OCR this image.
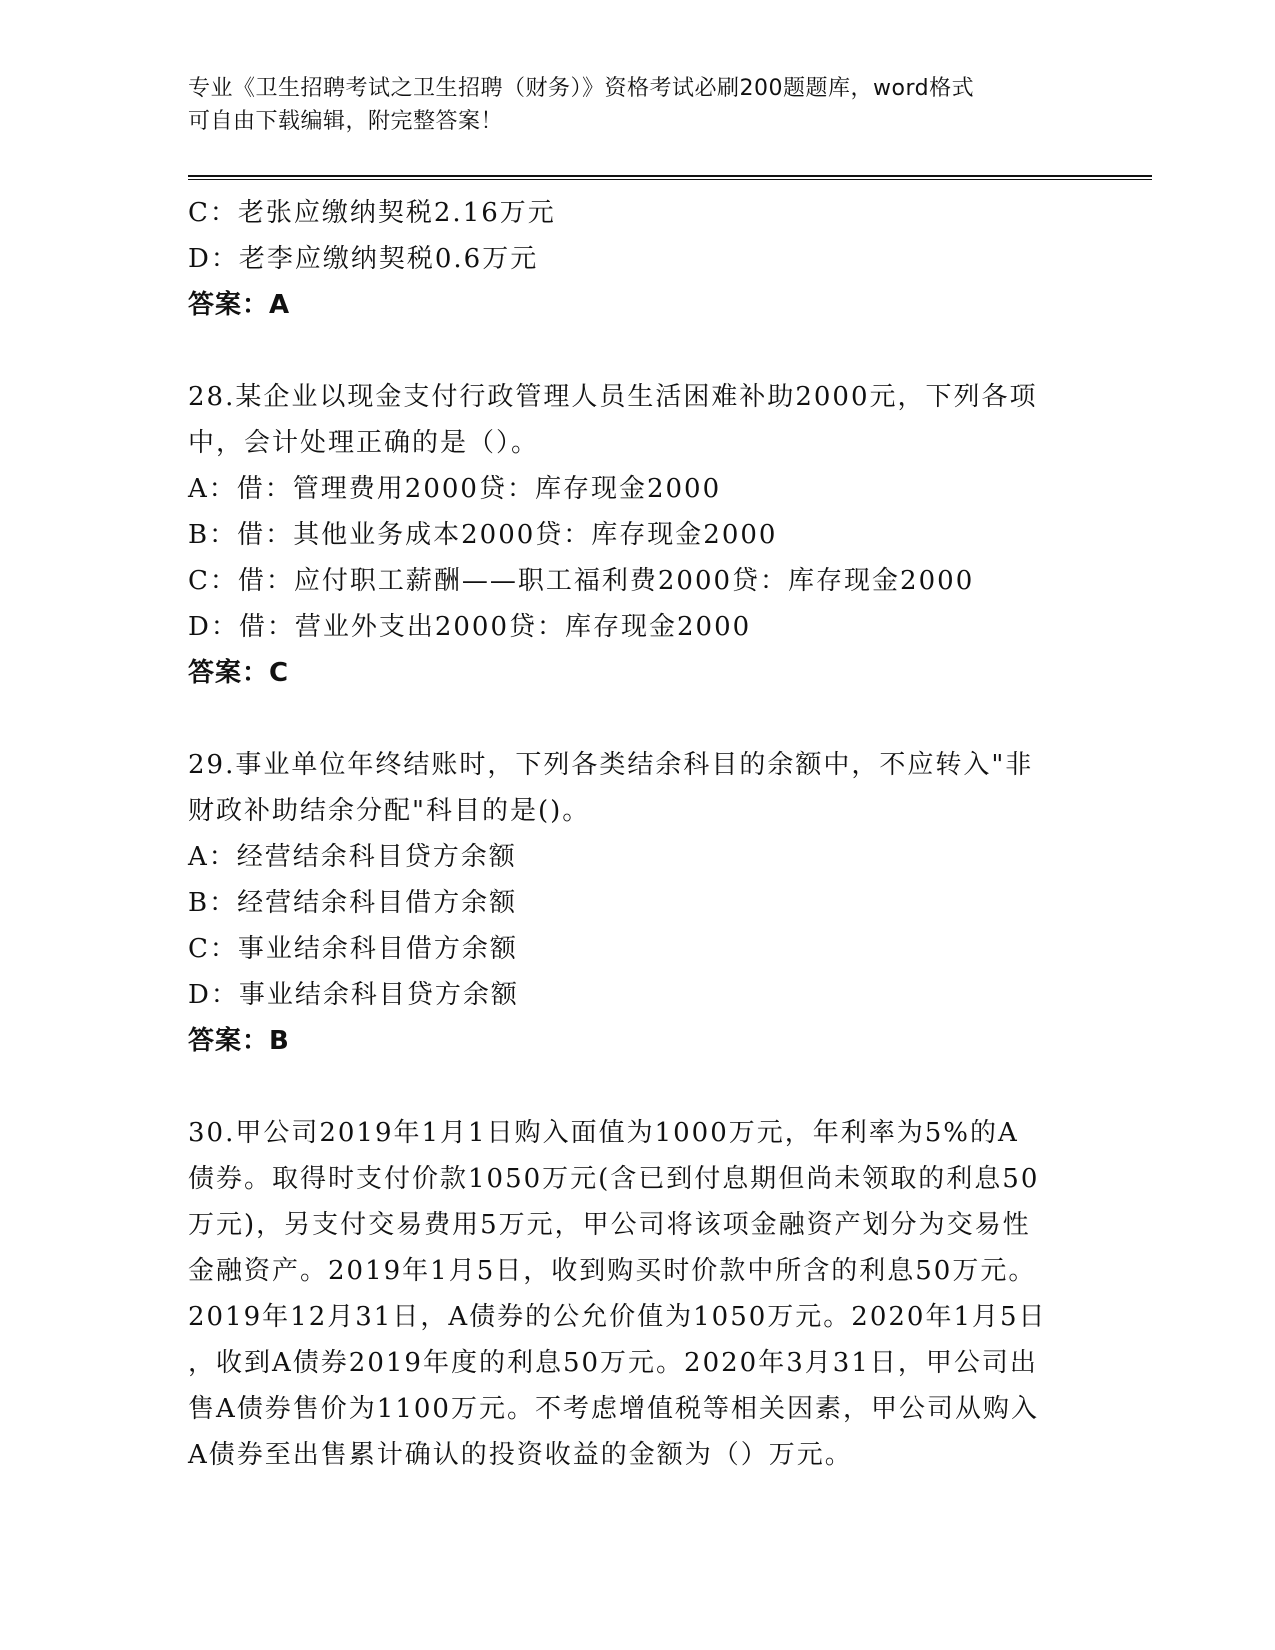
专业《卫生招聘考试之卫生招聘（财务）》资格考试必刷200题题库，word格式
可自由下载编辑，附完整答案！
C：老张应缴纳契税2.16万元
D：老李应缴纳契税0.6万元
答案：A
28.某企业以现金支付行政管理人员生活困难补助2000元，下列各项
中，会计处理正确的是（）。
A：借：管理费用2000贷：库存现金2000
B：借：其他业务成本2000贷：库存现金2000
C：借：应付职工薪酬——职工福利费2000贷：库存现金2000
D：借：营业外支出2000贷：库存现金2000
答案：C
29.事业单位年终结账时，下列各类结余科目的余额中，不应转入"非
财政补助结余分配"科目的是()。
A：经营结余科目贷方余额
B：经营结余科目借方余额
C：事业结余科目借方余额
D：事业结余科目贷方余额
答案：B
30.甲公司2019年1月1日购入面值为1000万元，年利率为5%的A
债券。取得时支付价款1050万元(含已到付息期但尚未领取的利息50
万元)，另支付交易费用5万元，甲公司将该项金融资产划分为交易性
金融资产。2019年1月5日，收到购买时价款中所含的利息50万元。
2019年12月31日，A债券的公允价值为1050万元。2020年1月5日
，收到A债券2019年度的利息50万元。2020年3月31日，甲公司出
售A债券售价为1100万元。不考虑增值税等相关因素，甲公司从购入
A债券至出售累计确认的投资收益的金额为（）万元。
